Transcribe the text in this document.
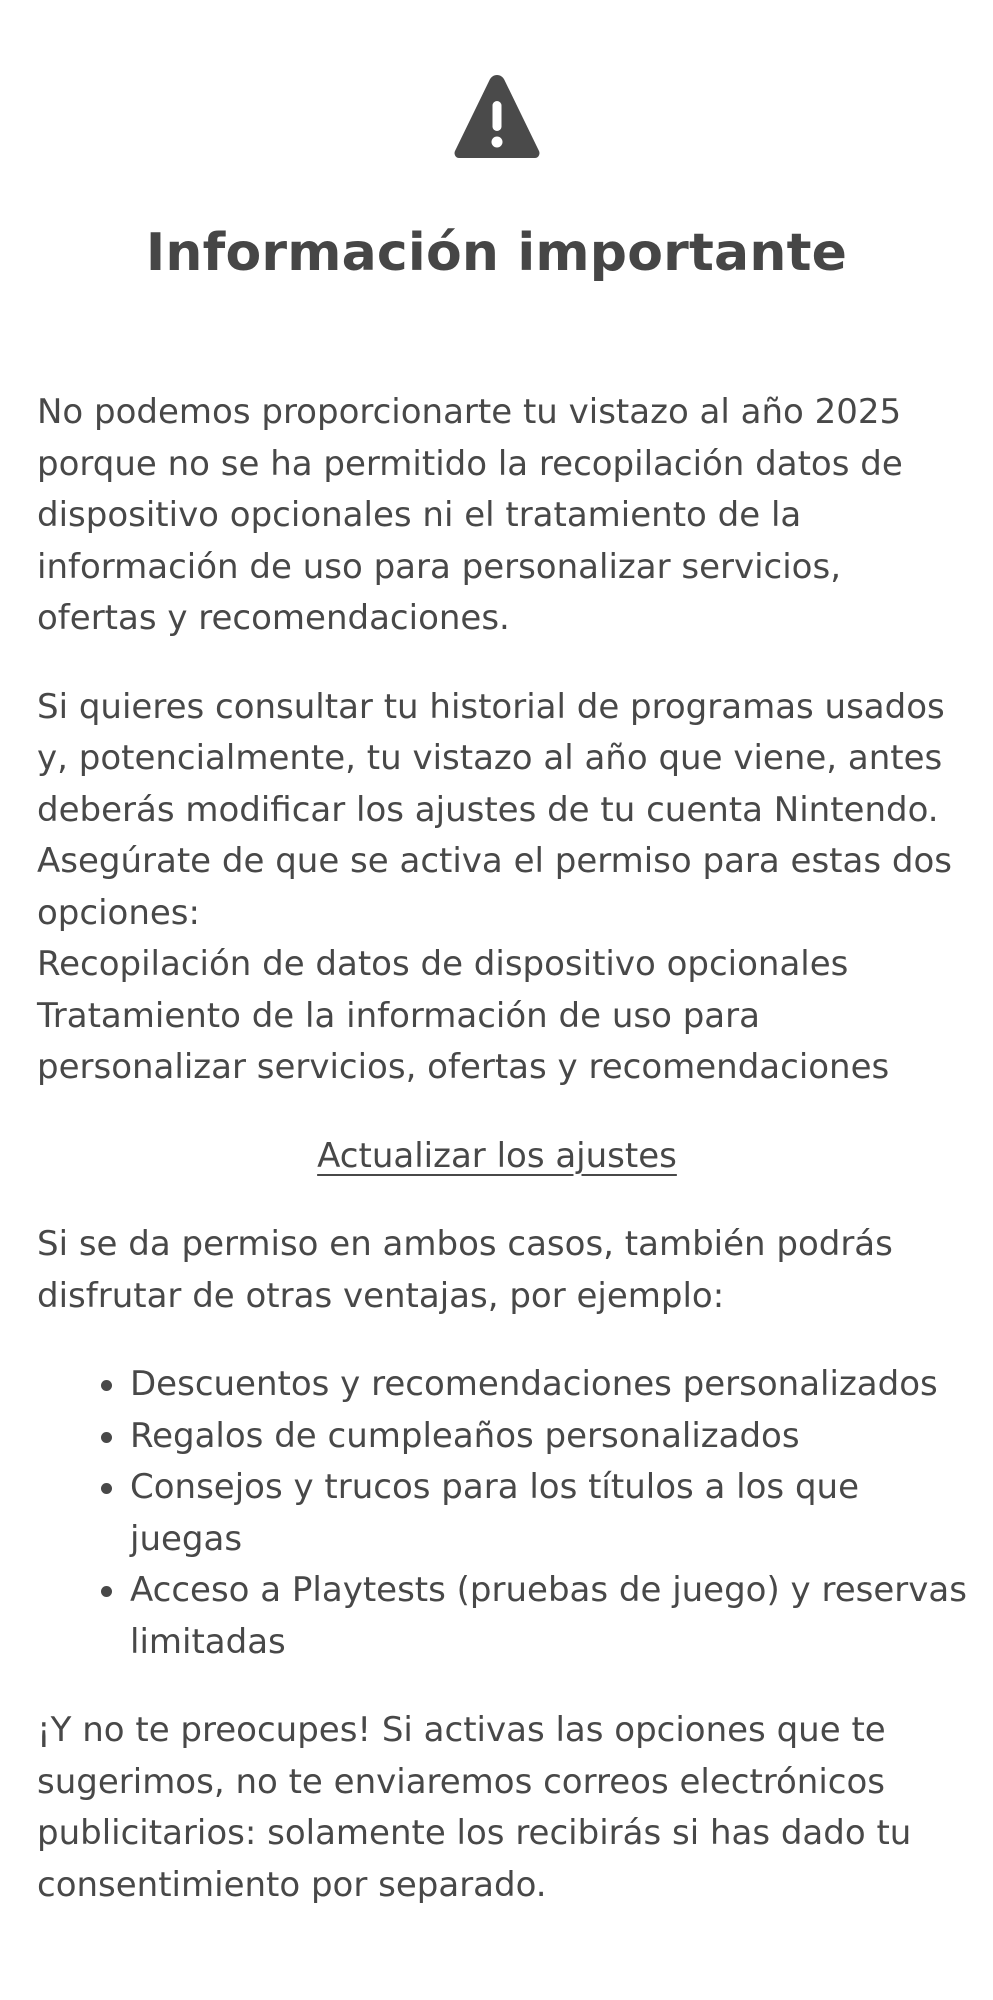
Información importante

No podemos proporcionarte tu vistazo al año 2025 porque no se ha permitido la recopilación datos de dispositivo opcionales ni el tratamiento de la información de uso para personalizar servicios, ofertas y recomendaciones.

Si quieres consultar tu historial de programas usados y, potencialmente, tu vistazo al año que viene, antes deberás modificar los ajustes de tu cuenta Nintendo. Asegúrate de que se activa el permiso para estas dos opciones:
Recopilación de datos de dispositivo opcionales
Tratamiento de la información de uso para personalizar servicios, ofertas y recomendaciones
Actualizar los ajustes

Si se da permiso en ambos casos, también podrás disfrutar de otras ventajas, por ejemplo:

Descuentos y recomendaciones personalizados
Regalos de cumpleaños personalizados
Consejos y trucos para los títulos a los que juegas
Acceso a Playtests (pruebas de juego) y reservas limitadas

¡Y no te preocupes! Si activas las opciones que te sugerimos, no te enviaremos correos electrónicos publicitarios: solamente los recibirás si has dado tu consentimiento por separado.
